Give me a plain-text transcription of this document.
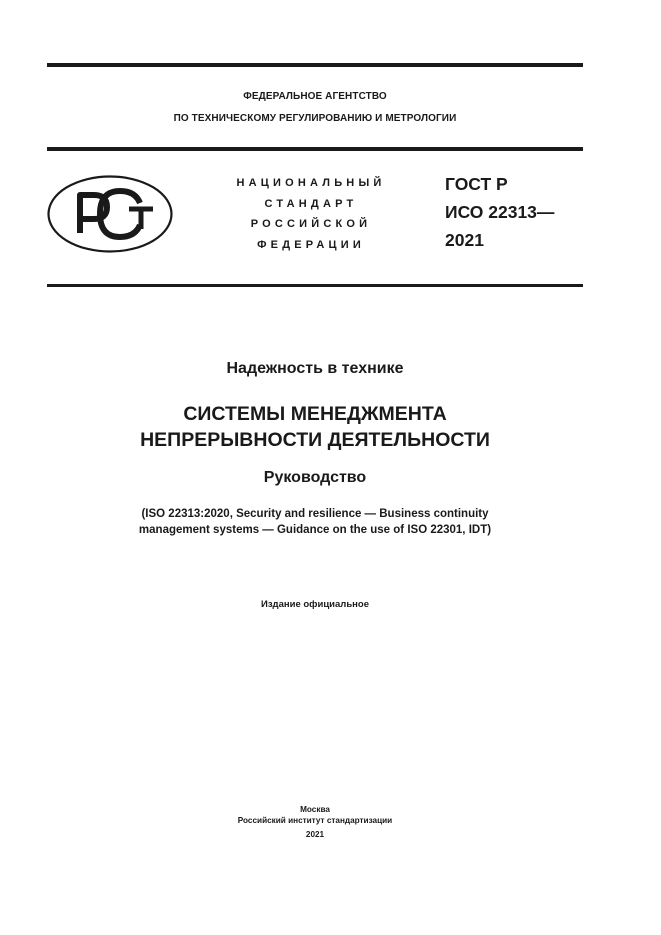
ФЕДЕРАЛЬНОЕ АГЕНТСТВО
ПО ТЕХНИЧЕСКОМУ РЕГУЛИРОВАНИЮ И МЕТРОЛОГИИ
НАЦИОНАЛЬНЫЙ
СТАНДАРТ
РОССИЙСКОЙ
ФЕДЕРАЦИИ
ГОСТ Р
ИСО 22313—
2021
Надежность в технике
СИСТЕМЫ МЕНЕДЖМЕНТА
НЕПРЕРЫВНОСТИ ДЕЯТЕЛЬНОСТИ
Руководство
(ISO 22313:2020, Security and resilience — Business continuity
management systems — Guidance on the use of ISO 22301, IDT)
Издание официальное
Москва
Российский институт стандартизации
2021
